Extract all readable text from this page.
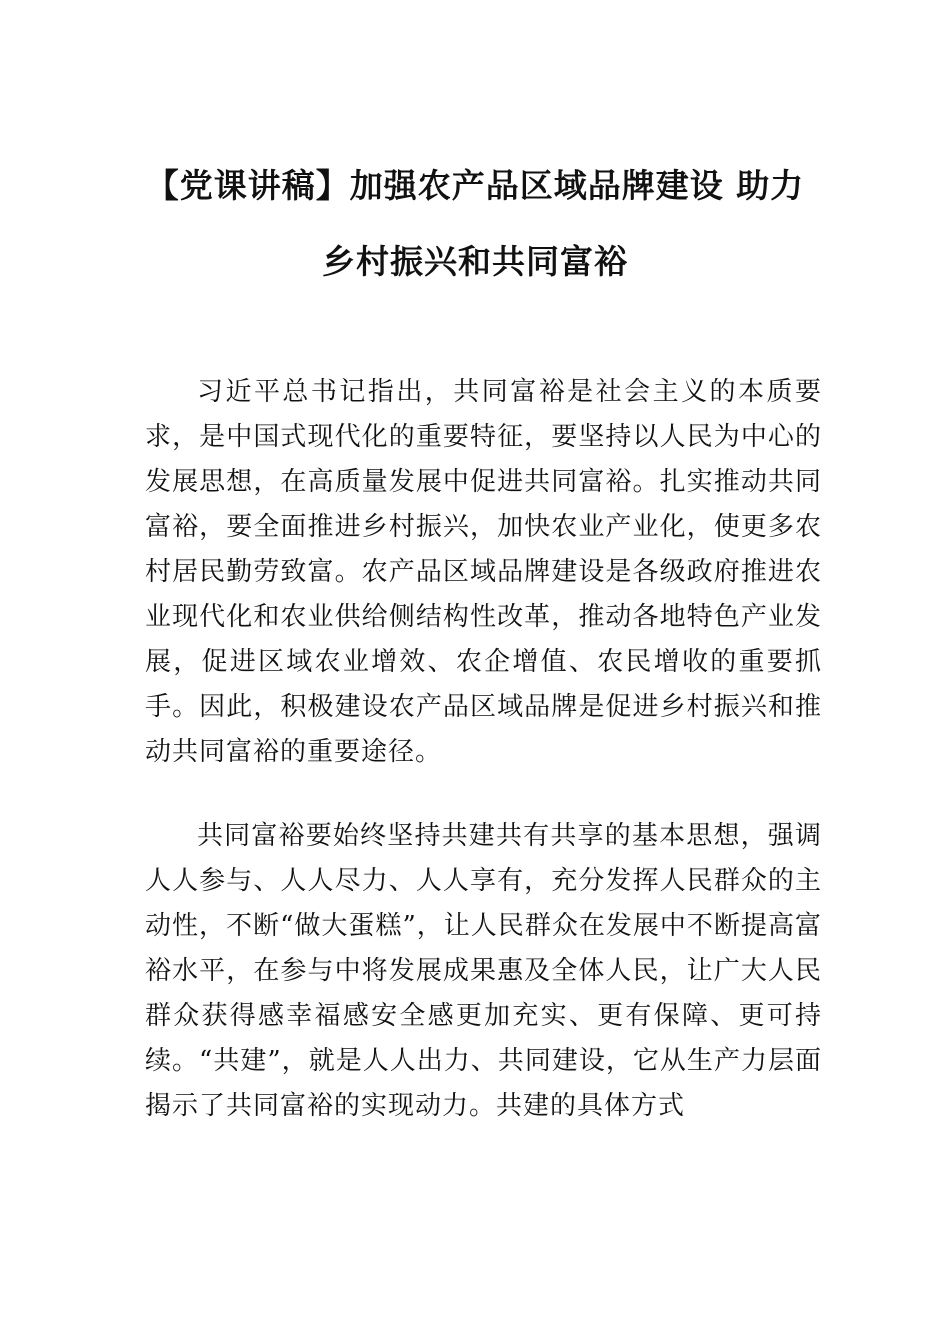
【党课讲稿】加强农产品区域品牌建设 助力乡村振兴和共同富裕

习近平总书记指出，共同富裕是社会主义的本质要求，是中国式现代化的重要特征，要坚持以人民为中心的发展思想，在高质量发展中促进共同富裕。扎实推动共同富裕，要全面推进乡村振兴，加快农业产业化，使更多农村居民勤劳致富。农产品区域品牌建设是各级政府推进农业现代化和农业供给侧结构性改革，推动各地特色产业发展，促进区域农业增效、农企增值、农民增收的重要抓手。因此，积极建设农产品区域品牌是促进乡村振兴和推动共同富裕的重要途径。

共同富裕要始终坚持共建共有共享的基本思想，强调人人参与、人人尽力、人人享有，充分发挥人民群众的主动性，不断“做大蛋糕”，让人民群众在发展中不断提高富裕水平，在参与中将发展成果惠及全体人民，让广大人民群众获得感幸福感安全感更加充实、更有保障、更可持续。“共建”，就是人人出力、共同建设，它从生产力层面揭示了共同富裕的实现动力。共建的具体方式
